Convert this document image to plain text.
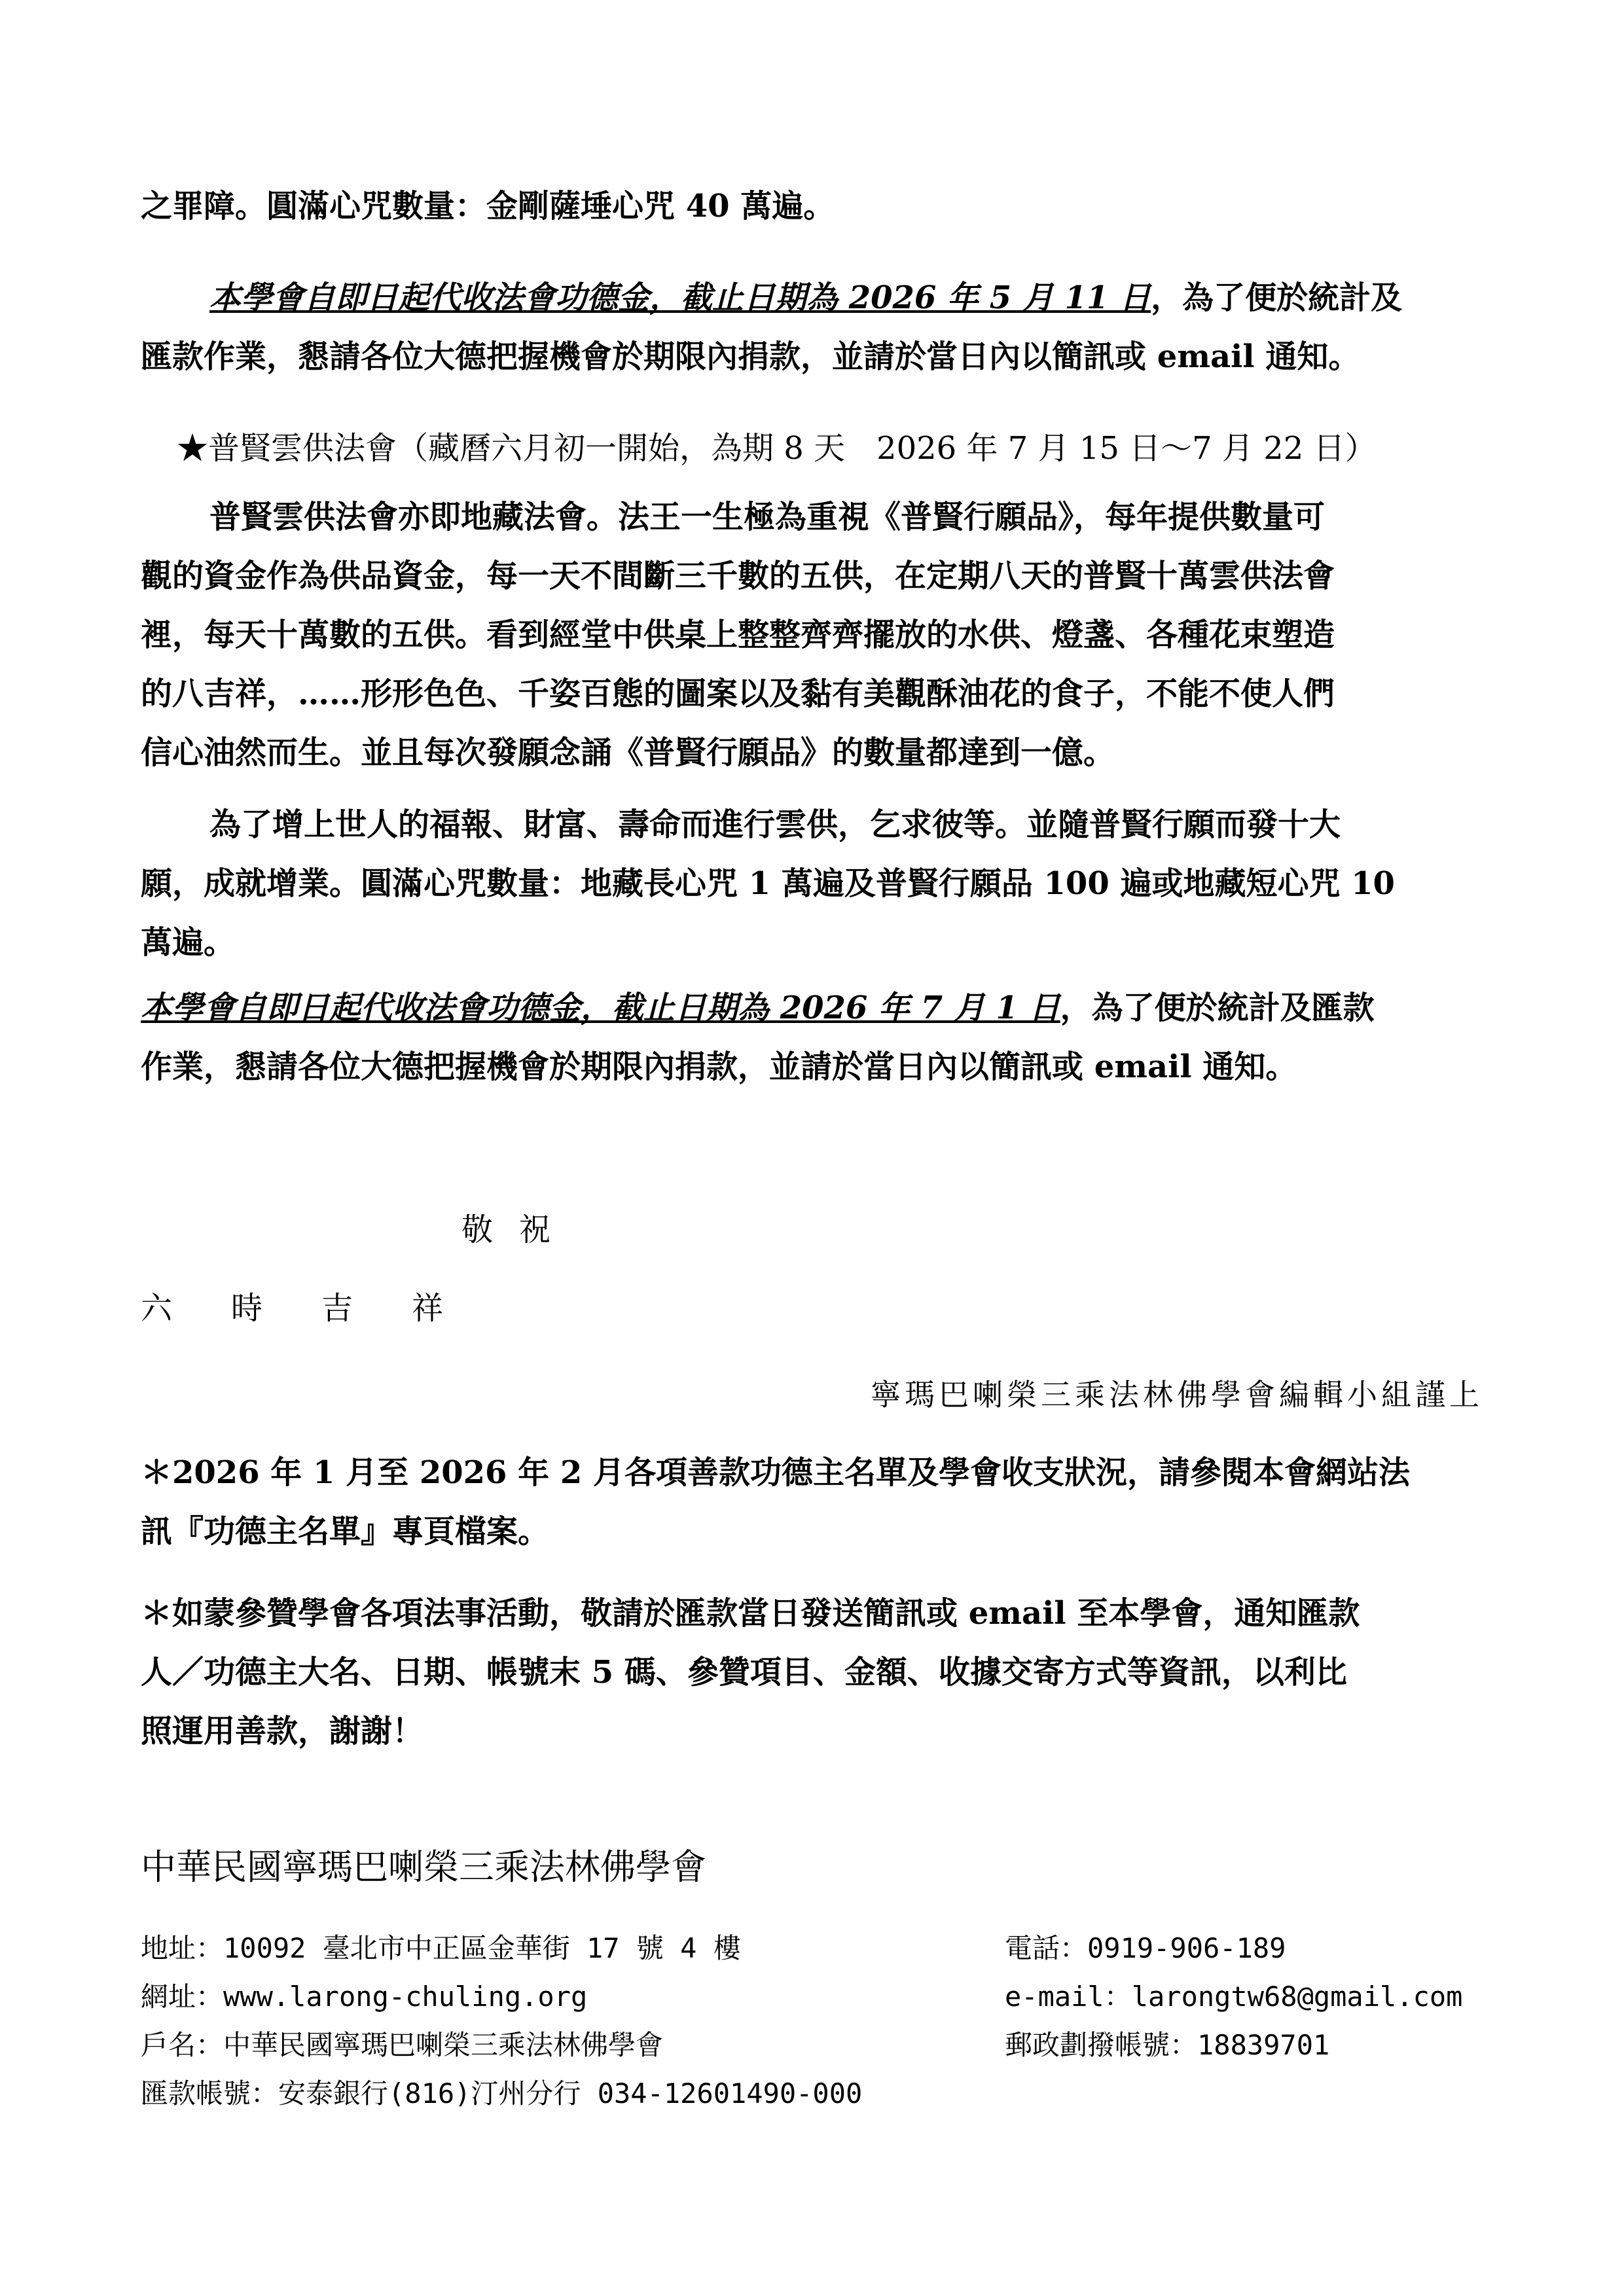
之罪障。圓滿心咒數量：金剛薩埵心咒 40 萬遍。

本學會自即日起代收法會功德金，截止日期為 2026 年 5 月 11 日，為了便於統計及

匯款作業，懇請各位大德把握機會於期限內捐款，並請於當日內以簡訊或 email 通知。

★普賢雲供法會（藏曆六月初一開始，為期 8 天　2026 年 7 月 15 日～7 月 22 日）

普賢雲供法會亦即地藏法會。法王一生極為重視《普賢行願品》，每年提供數量可

觀的資金作為供品資金，每一天不間斷三千數的五供，在定期八天的普賢十萬雲供法會

裡，每天十萬數的五供。看到經堂中供桌上整整齊齊擺放的水供、燈盞、各種花束塑造

的八吉祥，……形形色色、千姿百態的圖案以及黏有美觀酥油花的食子，不能不使人們

信心油然而生。並且每次發願念誦《普賢行願品》的數量都達到一億。

為了增上世人的福報、財富、壽命而進行雲供，乞求彼等。並隨普賢行願而發十大

願，成就增業。圓滿心咒數量：地藏長心咒 1 萬遍及普賢行願品 100 遍或地藏短心咒 10

萬遍。

本學會自即日起代收法會功德金，截止日期為 2026 年 7 月 1 日，為了便於統計及匯款

作業，懇請各位大德把握機會於期限內捐款，並請於當日內以簡訊或 email 通知。

敬祝
六時吉祥
寧瑪巴喇榮三乘法林佛學會編輯小組謹上

＊2026 年 1 月至 2026 年 2 月各項善款功德主名單及學會收支狀況，請參閱本會網站法

訊『功德主名單』專頁檔案。

＊如蒙參贊學會各項法事活動，敬請於匯款當日發送簡訊或 email 至本學會，通知匯款

人／功德主大名、日期、帳號末 5 碼、參贊項目、金額、收據交寄方式等資訊，以利比

照運用善款，謝謝！

中華民國寧瑪巴喇榮三乘法林佛學會
地址：10092 臺北市中正區金華街 17 號 4 樓
網址：www.larong-chuling.org
戶名：中華民國寧瑪巴喇榮三乘法林佛學會
匯款帳號：安泰銀行(816)汀州分行 034-12601490-000
電話：0919-906-189
e-mail：larongtw68@gmail.com
郵政劃撥帳號：18839701
